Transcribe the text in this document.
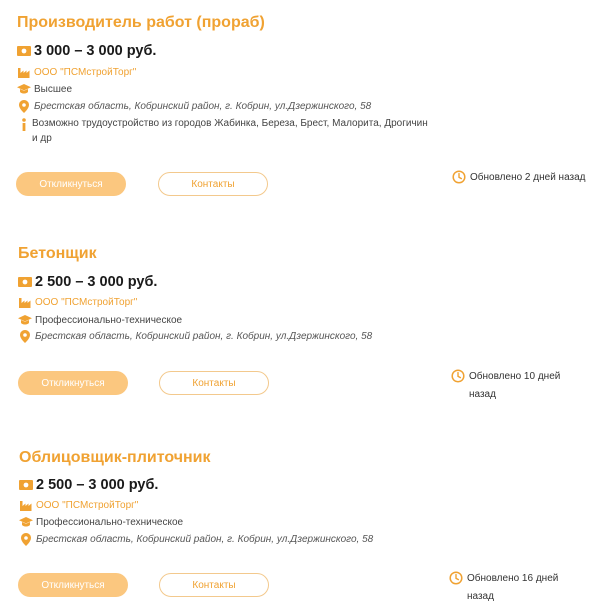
Производитель работ (прораб)
3 000 – 3 000 руб.
ООО "ПСМстройТорг"
Высшее
Брестская область, Кобринский район, г. Кобрин, ул.Дзержинского, 58
Возможно трудоустройство из городов Жабинка, Береза, Брест, Малорита, Дрогичин и др
Откликнуться	Контакты
Обновлено 2 дней назад
Бетонщик
2 500 – 3 000 руб.
ООО "ПСМстройТорг"
Профессионально-техническое
Брестская область, Кобринский район, г. Кобрин, ул.Дзержинского, 58
Откликнуться	Контакты
Обновлено 10 дней назад
Облицовщик-плиточник
2 500 – 3 000 руб.
ООО "ПСМстройТорг"
Профессионально-техническое
Брестская область, Кобринский район, г. Кобрин, ул.Дзержинского, 58
Откликнуться	Контакты
Обновлено 16 дней назад
